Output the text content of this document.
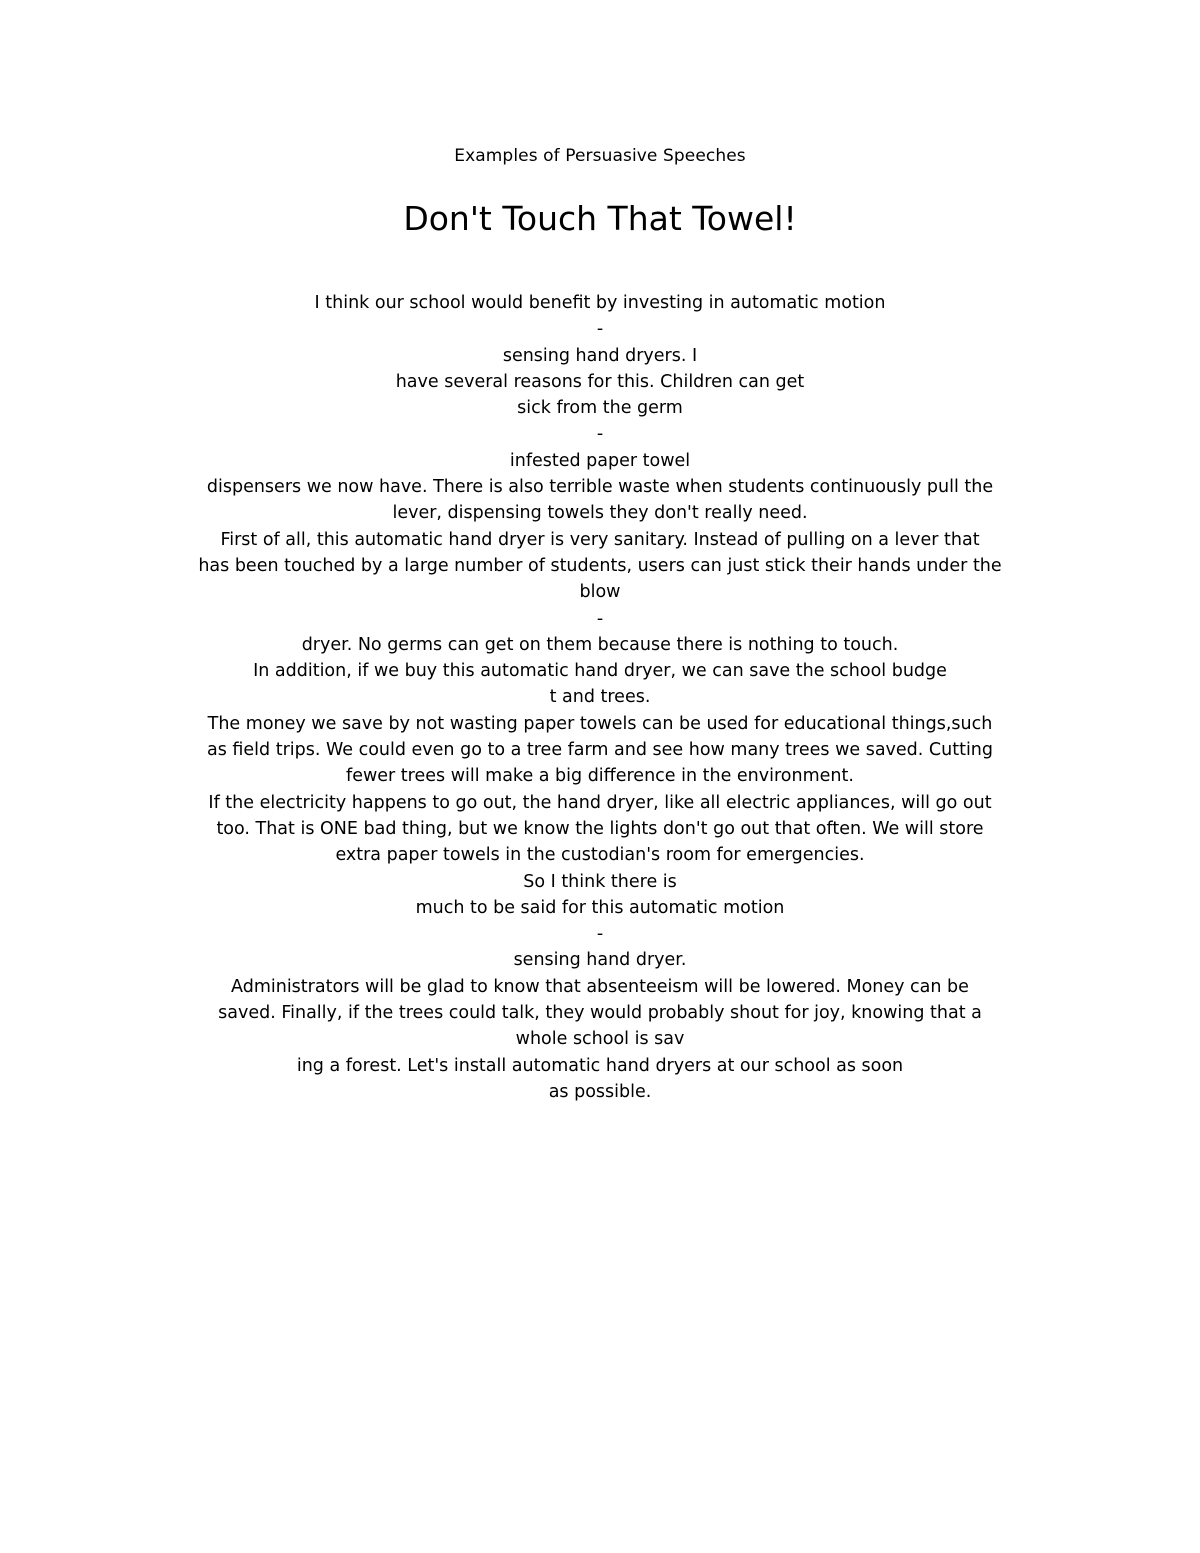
Examples of Persuasive Speeches
Don't Touch That Towel!
I think our school would benefit by investing in automatic motion
-
sensing hand dryers. I
have several reasons for this. Children can get
sick from the germ
-
infested paper towel
dispensers we now have. There is also terrible waste when students continuously pull the
lever, dispensing towels they don't really need.
First of all, this automatic hand dryer is very sanitary. Instead of pulling on a lever that
has been touched by a large number of students, users can just stick their hands under the
blow
-
dryer. No germs can get on them because there is nothing to touch.
In addition, if we buy this automatic hand dryer, we can save the school budge
t and trees.
The money we save by not wasting paper towels can be used for educational things,such
as field trips. We could even go to a tree farm and see how many trees we saved. Cutting
fewer trees will make a big difference in the environment.
If the electricity happens to go out, the hand dryer, like all electric appliances, will go out
too. That is ONE bad thing, but we know the lights don't go out that often. We will store
extra paper towels in the custodian's room for emergencies.
So I think there is
much to be said for this automatic motion
-
sensing hand dryer.
Administrators will be glad to know that absenteeism will be lowered. Money can be
saved. Finally, if the trees could talk, they would probably shout for joy, knowing that a
whole school is sav
ing a forest. Let's install automatic hand dryers at our school as soon
as possible.
